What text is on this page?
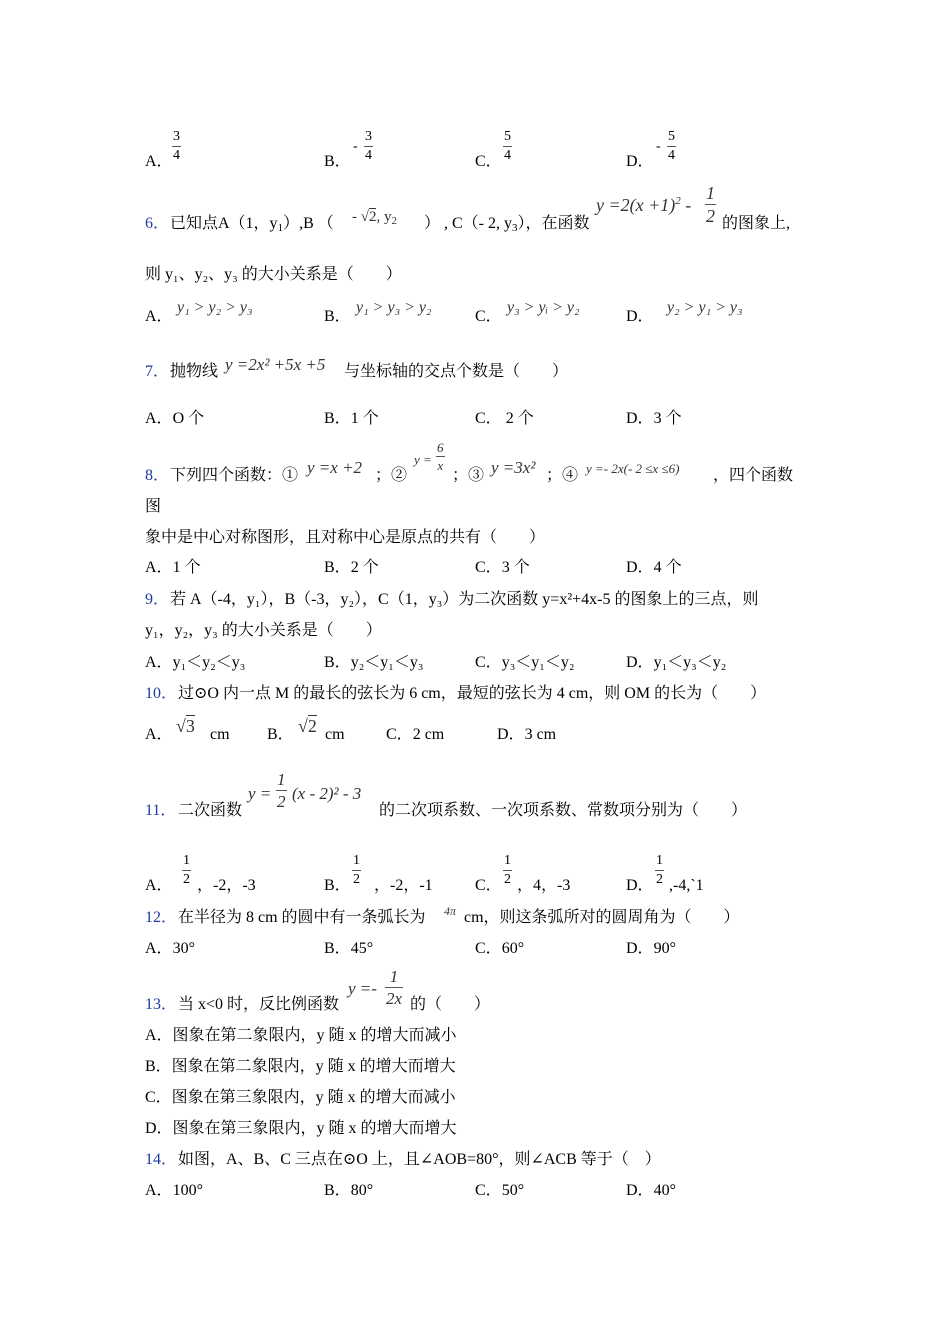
A．
3
4	B．
-
3
4	C．
5
4	D．
-
5
4
6． 已知点A（1，$y_1),B$ （ - √2, $y_2$ ） , C（- 2, $y_3$），在函数
$y =2(x +1)^2$ -
1
2 的图象上,
则 y₁、y₂、y₃ 的大小关系是（　　）
A．
y₁ > y₂ > y₃
B．
y₁ > y₃ > y₂
C．
y₃ > yᵢ > y₂
D．
y₂ > y₁ > y₃
7． 抛物线 y =2x² +5x +5 与坐标轴的交点个数是（　　）
A．O 个	B．1 个	C． 2 个	D．3 个
8． 下列四个函数：① y =x +2 ；②
y =
6
x
；③ y =3x² ；④ y =- 2x(- 2 ≤x ≤6) ，四个函数
图
象中是中心对称图形，且对称中心是原点的共有（　　）
A．1 个	B．2 个	C．3 个	D．4 个
9． 若 A（-4，y₁），B（-3，y₂），C（1，y₃）为二次函数 y=x²+4x-5 的图象上的三点，则
y₁，y₂，y₃ 的大小关系是（　　）
A．y₁＜y₂＜y₃	B．y₂＜y₁＜y₃	C．y₃＜y₁＜y₂	D．y₁＜y₃＜y₂
10． 过⊙O 内一点 M 的最长的弦长为 6 cm，最短的弦长为 4 cm，则 OM 的长为（　　）
A． √3 cm B． √2 cm	C．2 cm	D．3 cm
11． 二次函数
y =
1
2 (x - 2)² - 3
的二次项系数、一次项系数、常数项分别为（　　）
A．
1
2 ，-2，-3	B．
1
2 ，-2，-1	C．
1
2 ，4，-3	D．
1
2 ,-4,`1
12． 在半径为 8 cm 的圆中有一条弧长为 4π cm，则这条弧所对的圆周角为（　　）
A．30°	B．45°	C．60°	D．90°
13． 当 x<0 时，反比例函数
y =-
1
2x 的（　　）
A．图象在第二象限内，y 随 x 的增大而减小
B．图象在第二象限内，y 随 x 的增大而增大
C．图象在第三象限内，y 随 x 的增大而减小
D．图象在第三象限内，y 随 x 的增大而增大
14． 如图，A、B、C 三点在⊙O 上，且∠AOB=80°，则∠ACB 等于（　）
A．100°	B．80°	C．50°	D．40°
